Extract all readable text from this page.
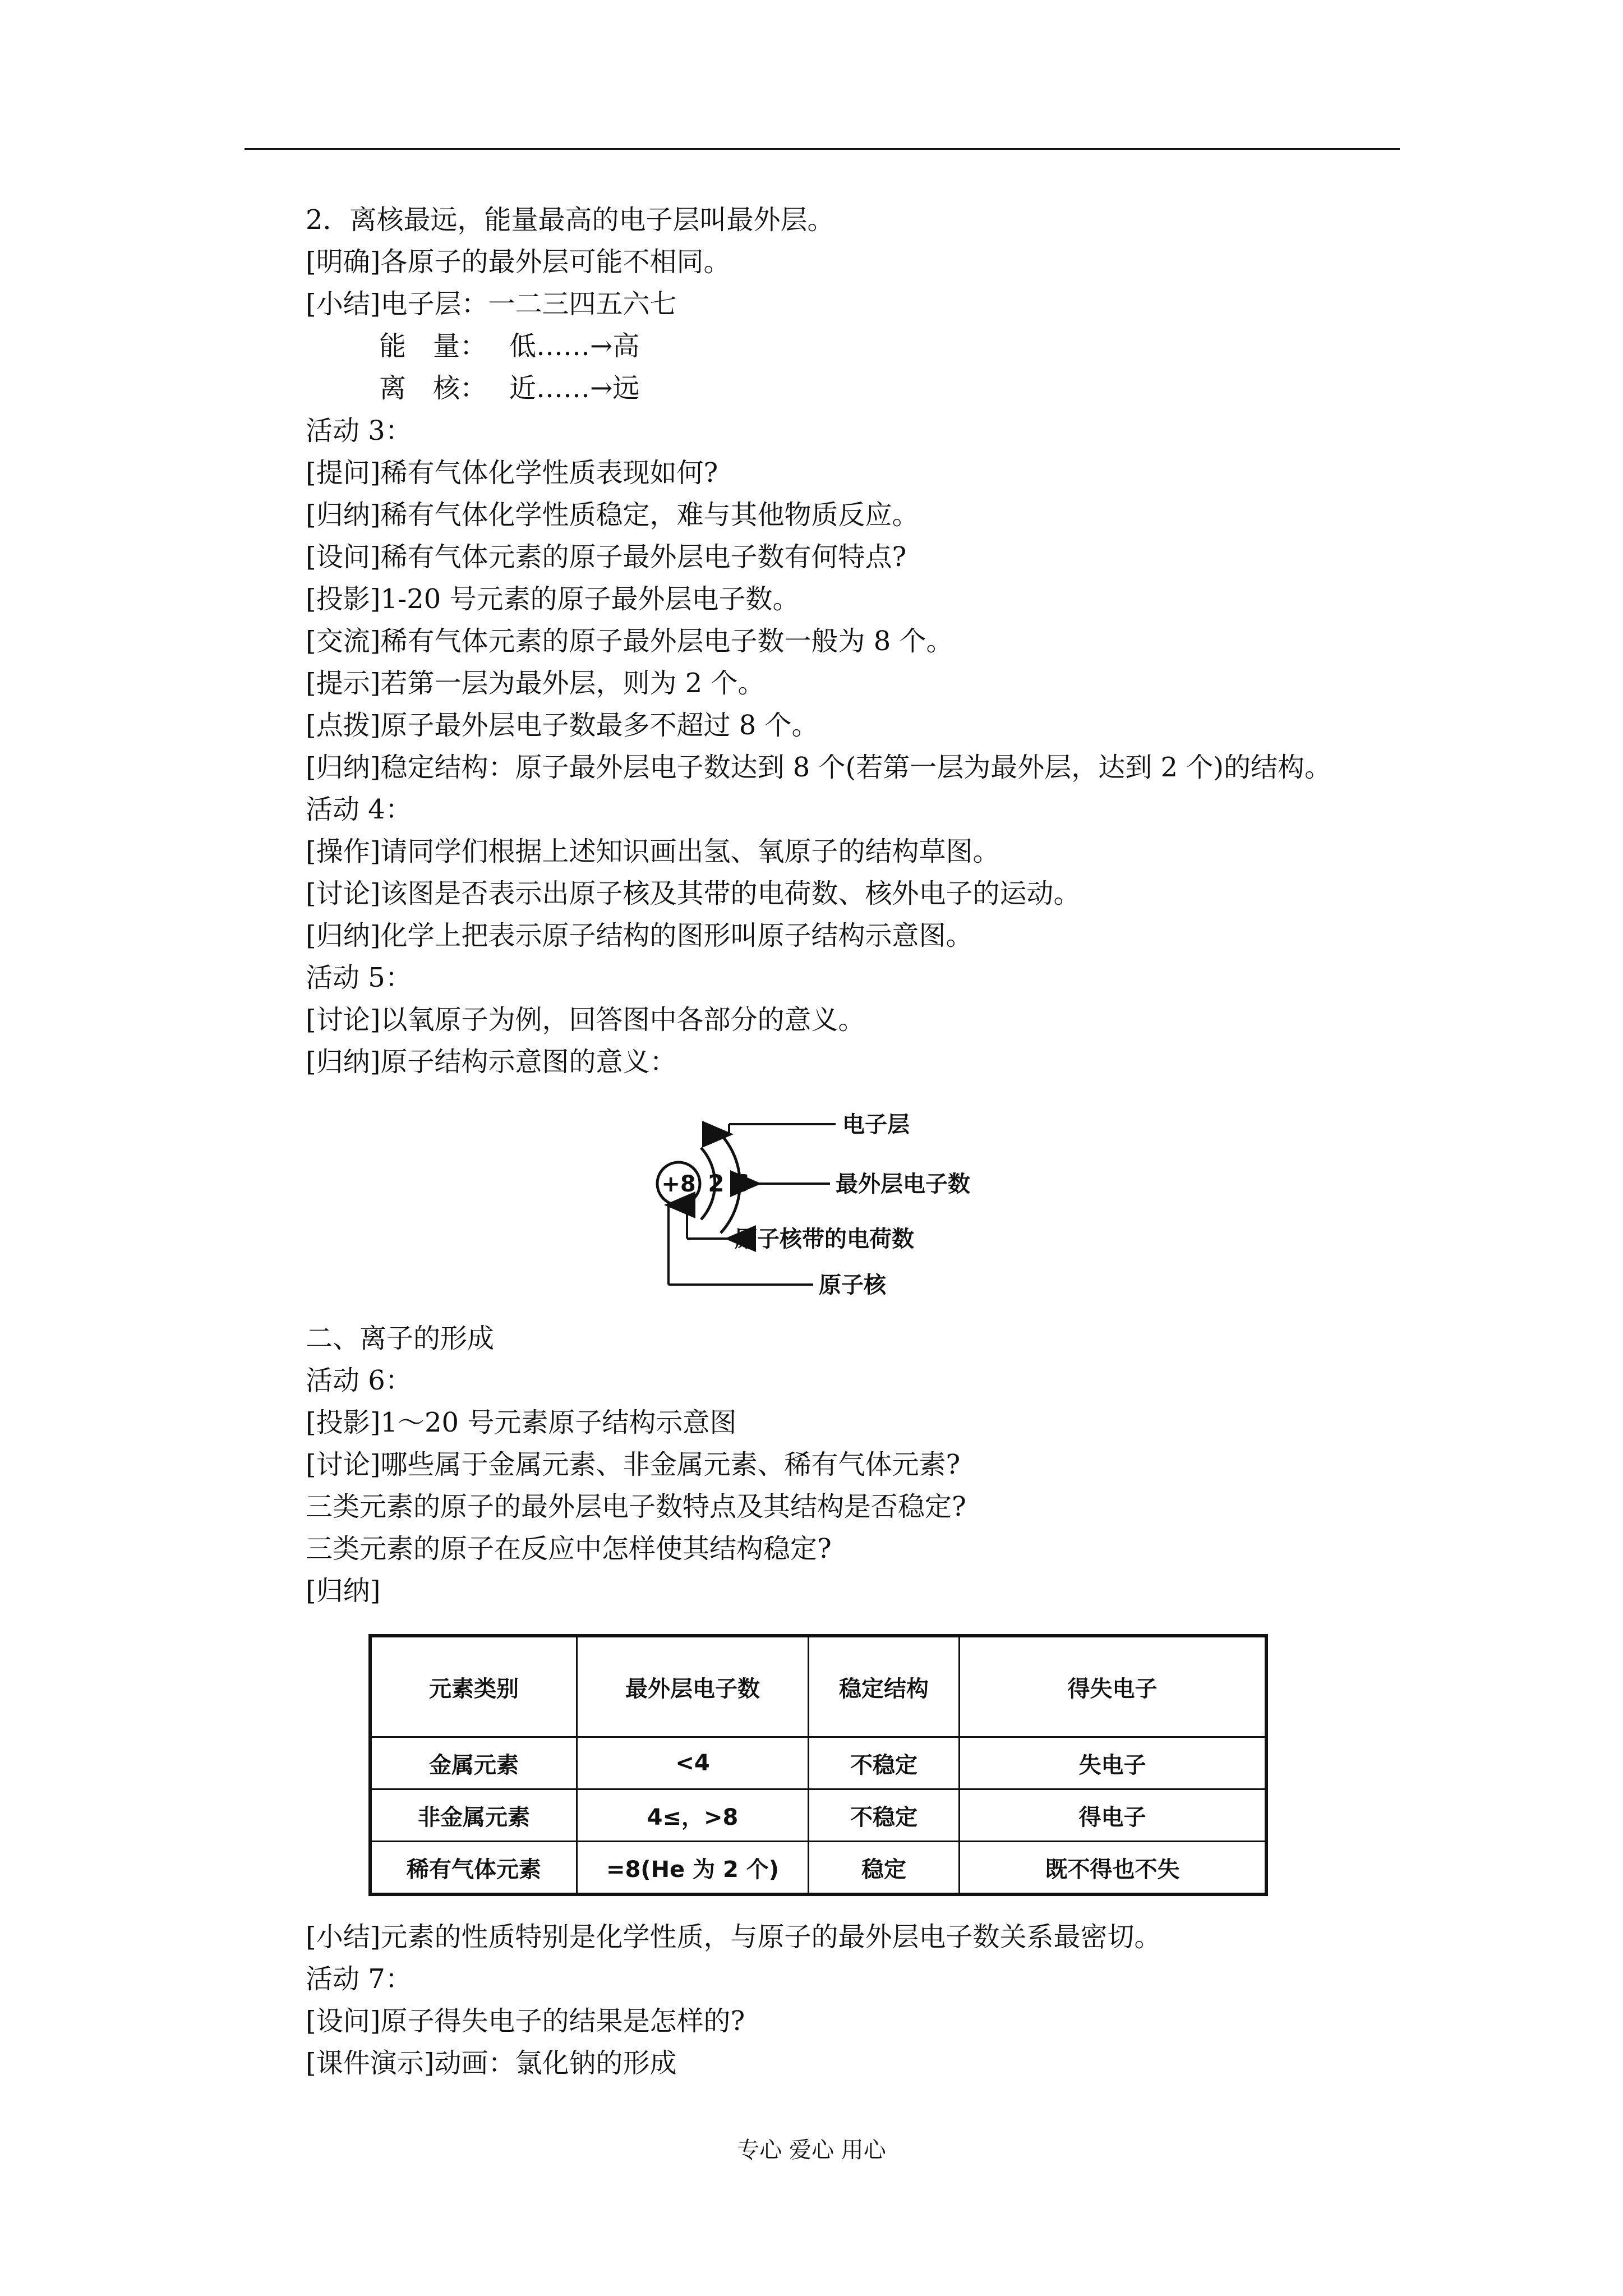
2．离核最远，能量最高的电子层叫最外层。
[明确]各原子的最外层可能不相同。
[小结]电子层：一二三四五六七
能　量： 低……→高
离　核： 近……→远
活动 3：
[提问]稀有气体化学性质表现如何?
[归纳]稀有气体化学性质稳定，难与其他物质反应。
[设问]稀有气体元素的原子最外层电子数有何特点?
[投影]1-20 号元素的原子最外层电子数。
[交流]稀有气体元素的原子最外层电子数一般为 8 个。
[提示]若第一层为最外层，则为 2 个。
[点拨]原子最外层电子数最多不超过 8 个。
[归纳]稳定结构：原子最外层电子数达到 8 个(若第一层为最外层，达到 2 个)的结构。
活动 4：
[操作]请同学们根据上述知识画出氢、氧原子的结构草图。
[讨论]该图是否表示出原子核及其带的电荷数、核外电子的运动。
[归纳]化学上把表示原子结构的图形叫原子结构示意图。
活动 5：
[讨论]以氧原子为例，回答图中各部分的意义。
[归纳]原子结构示意图的意义：
+8 2 6
电子层
最外层电子数
原子核带的电荷数
原子核
二、离子的形成
活动 6：
[投影]1～20 号元素原子结构示意图
[讨论]哪些属于金属元素、非金属元素、稀有气体元素?
三类元素的原子的最外层电子数特点及其结构是否稳定?
三类元素的原子在反应中怎样使其结构稳定?
[归纳]
元素类别	最外层电子数	稳定结构	得失电子
金属元素	<4	不稳定	失电子
非金属元素	4≤，>8	不稳定	得电子
稀有气体元素	=8(He 为 2 个)	稳定	既不得也不失
[小结]元素的性质特别是化学性质，与原子的最外层电子数关系最密切。
活动 7：
[设问]原子得失电子的结果是怎样的?
[课件演示]动画：氯化钠的形成
专心 爱心 用心
